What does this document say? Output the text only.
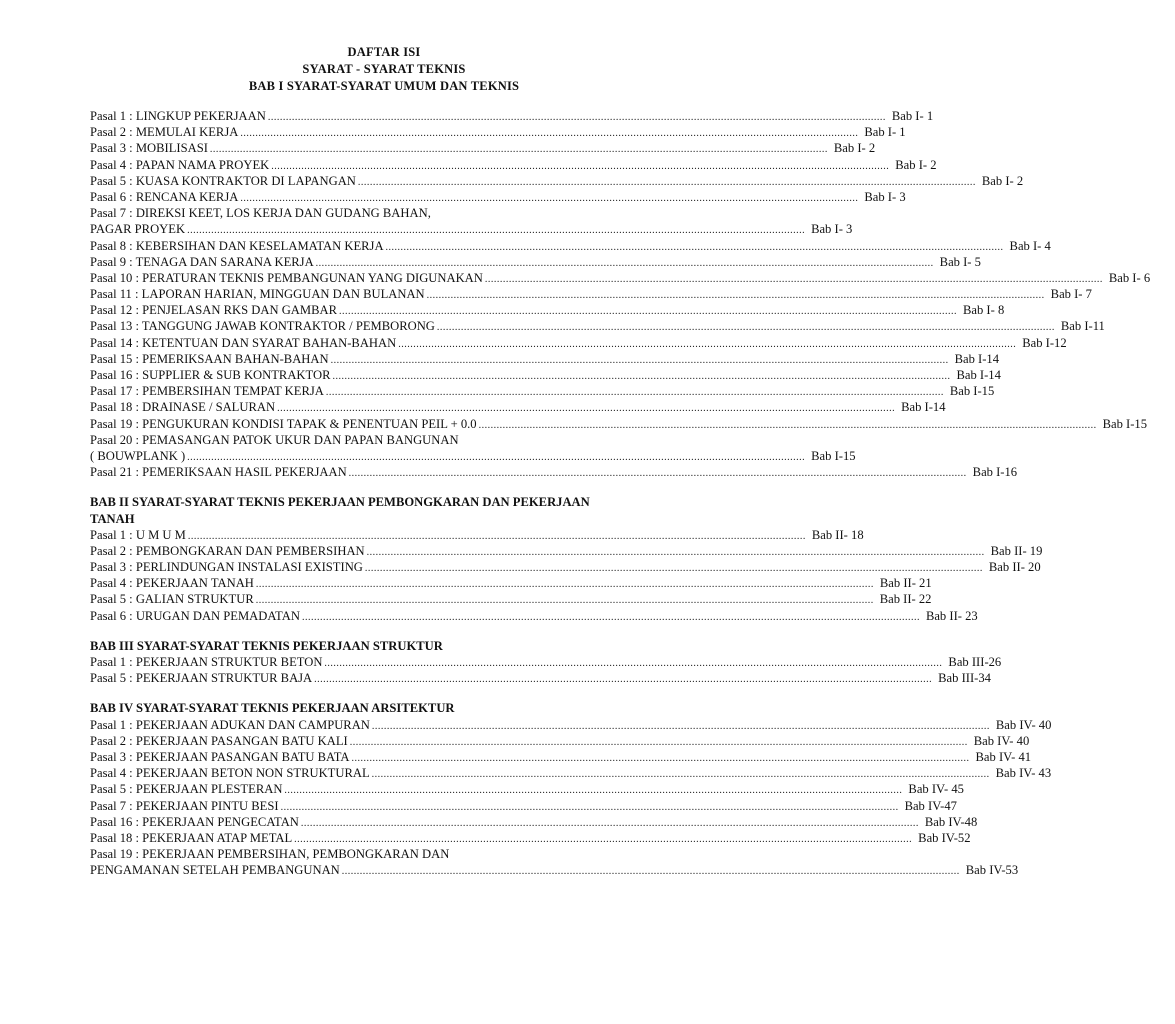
DAFTAR ISI
SYARAT - SYARAT TEKNIS
BAB I SYARAT-SYARAT UMUM DAN TEKNIS
Pasal 1 : LINGKUP PEKERJAAN .............................................................................................................................................................................................................. Bab I- 1
Pasal 2 : MEMULAI KERJA .............................................................................................................................................................................................................. Bab I- 1
Pasal 3 : MOBILISASI .............................................................................................................................................................................................................. Bab I- 2
Pasal 4 : PAPAN NAMA PROYEK .............................................................................................................................................................................................................. Bab I- 2
Pasal 5 : KUASA KONTRAKTOR DI LAPANGAN .............................................................................................................................................................................................................. Bab I- 2
Pasal 6 : RENCANA KERJA .............................................................................................................................................................................................................. Bab I- 3
Pasal 7 : DIREKSI KEET, LOS KERJA DAN GUDANG BAHAN,
PAGAR PROYEK .............................................................................................................................................................................................................. Bab I- 3
Pasal 8 : KEBERSIHAN DAN KESELAMATAN KERJA .............................................................................................................................................................................................................. Bab I- 4
Pasal 9 : TENAGA DAN SARANA KERJA .............................................................................................................................................................................................................. Bab I- 5
Pasal 10 : PERATURAN TEKNIS PEMBANGUNAN YANG DIGUNAKAN .............................................................................................................................................................................................................. Bab I- 6
Pasal 11 : LAPORAN HARIAN, MINGGUAN DAN BULANAN .............................................................................................................................................................................................................. Bab I- 7
Pasal 12 : PENJELASAN RKS DAN GAMBAR .............................................................................................................................................................................................................. Bab I- 8
Pasal 13 : TANGGUNG JAWAB KONTRAKTOR / PEMBORONG .............................................................................................................................................................................................................. Bab I-11
Pasal 14 : KETENTUAN DAN SYARAT BAHAN-BAHAN .............................................................................................................................................................................................................. Bab I-12
Pasal 15 : PEMERIKSAAN BAHAN-BAHAN .............................................................................................................................................................................................................. Bab I-14
Pasal 16 : SUPPLIER & SUB KONTRAKTOR .............................................................................................................................................................................................................. Bab I-14
Pasal 17 : PEMBERSIHAN TEMPAT KERJA .............................................................................................................................................................................................................. Bab I-15
Pasal 18 : DRAINASE / SALURAN .............................................................................................................................................................................................................. Bab I-14
Pasal 19 : PENGUKURAN KONDISI TAPAK & PENENTUAN PEIL + 0.0 .............................................................................................................................................................................................................. Bab I-15
Pasal 20 : PEMASANGAN PATOK UKUR DAN PAPAN BANGUNAN
( BOUWPLANK ) .............................................................................................................................................................................................................. Bab I-15
Pasal 21 : PEMERIKSAAN HASIL PEKERJAAN .............................................................................................................................................................................................................. Bab I-16
BAB II SYARAT-SYARAT TEKNIS PEKERJAAN PEMBONGKARAN DAN PEKERJAAN
TANAH
Pasal 1 : U M U M .............................................................................................................................................................................................................. Bab II- 18
Pasal 2 : PEMBONGKARAN DAN PEMBERSIHAN .............................................................................................................................................................................................................. Bab II- 19
Pasal 3 : PERLINDUNGAN INSTALASI EXISTING .............................................................................................................................................................................................................. Bab II- 20
Pasal 4 : PEKERJAAN TANAH .............................................................................................................................................................................................................. Bab II- 21
Pasal 5 : GALIAN STRUKTUR .............................................................................................................................................................................................................. Bab II- 22
Pasal 6 : URUGAN DAN PEMADATAN .............................................................................................................................................................................................................. Bab II- 23
BAB III SYARAT-SYARAT TEKNIS PEKERJAAN STRUKTUR
Pasal 1 : PEKERJAAN STRUKTUR BETON .............................................................................................................................................................................................................. Bab III-26
Pasal 5 : PEKERJAAN STRUKTUR BAJA .............................................................................................................................................................................................................. Bab III-34
BAB IV SYARAT-SYARAT TEKNIS PEKERJAAN ARSITEKTUR
Pasal 1 : PEKERJAAN ADUKAN DAN CAMPURAN .............................................................................................................................................................................................................. Bab IV- 40
Pasal 2 : PEKERJAAN PASANGAN BATU KALI .............................................................................................................................................................................................................. Bab IV- 40
Pasal 3 : PEKERJAAN PASANGAN BATU BATA .............................................................................................................................................................................................................. Bab IV- 41
Pasal 4 : PEKERJAAN BETON NON STRUKTURAL .............................................................................................................................................................................................................. Bab IV- 43
Pasal 5 : PEKERJAAN PLESTERAN .............................................................................................................................................................................................................. Bab IV- 45
Pasal 7 : PEKERJAAN PINTU BESI .............................................................................................................................................................................................................. Bab IV-47
Pasal 16 : PEKERJAAN PENGECATAN .............................................................................................................................................................................................................. Bab IV-48
Pasal 18 : PEKERJAAN ATAP METAL .............................................................................................................................................................................................................. Bab IV-52
Pasal 19 : PEKERJAAN PEMBERSIHAN, PEMBONGKARAN DAN
PENGAMANAN SETELAH PEMBANGUNAN .............................................................................................................................................................................................................. Bab IV-53
